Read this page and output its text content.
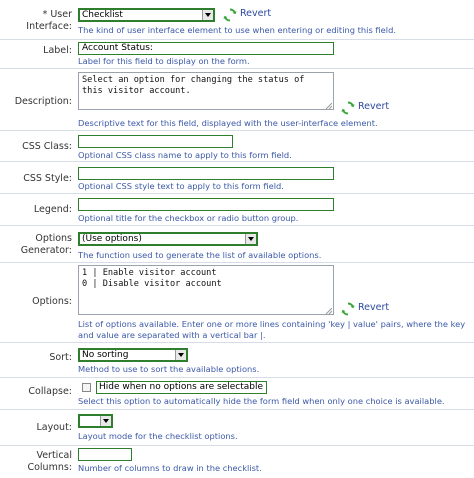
* User
Interface:
Checklist	Revert
The kind of user interface element to use when entering or editing this field.
Label:	Account Status:
Label for this field to display on the form.
Description:
Select an option for changing the status of
this visitor account.
Revert
Descriptive text for this field, displayed with the user-interface element.
CSS Class:
Optional CSS class name to apply to this form field.
CSS Style:
Optional CSS style text to apply to this form field.
Legend:
Optional title for the checkbox or radio button group.
Options
Generator:
(Use options)
The function used to generate the list of available options.
Options:
1 | Enable visitor account
0 | Disable visitor account
Revert
List of options available. Enter one or more lines containing 'key | value' pairs, where the key and value are separated with a vertical bar |.
Sort:	No sorting
Method to use to sort the available options.
Collapse:	Hide when no options are selectable
Select this option to automatically hide the form field when only one choice is available.
Layout:
Layout mode for the checklist options.
Vertical
Columns: Number of columns to draw in the checklist.
